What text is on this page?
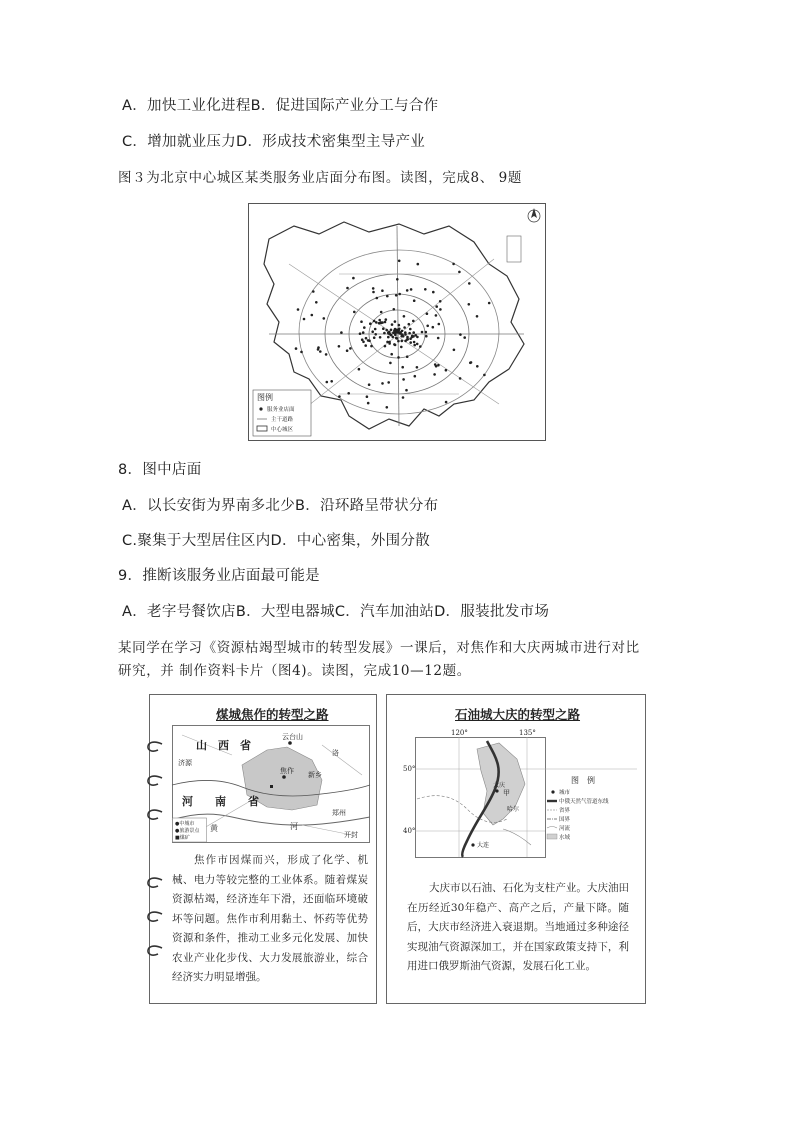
A．加快工业化进程B．促进国际产业分工与合作
C．增加就业压力D．形成技术密集型主导产业
图３为北京中心城区某类服务业店面分布图。读图，完成8、 9题
图例
服务业店面
主干道路
中心城区
8．图中店面
A．以长安街为界南多北少B．沿环路呈带状分布
C.聚集于大型居住区内D．中心密集，外围分散
9．推断该服务业店面最可能是
A．老字号餐饮店B．大型电器城C．汽车加油站D．服装批发市场
某同学在学习《资源枯竭型城市的转型发展》一课后，对焦作和大庆两城市进行对比
研究，并 制作资料卡片（图4)。读图，完成10—12题。
煤城焦作的转型之路
山　西　省
云台山
焦作 新乡
河　　南　　省
黄	河
郑州
开封
济源
洛
●中城市
●旅游景点
■煤矿
焦作市因煤而兴，形成了化学、机械、电力等较完整的工业体系。随着煤炭资源枯竭，经济连年下滑，还面临环境破坏等问题。焦作市利用黏土、怀药等优势资源和条件，推动工业多元化发展、加快农业产业化步伐、大力发展旅游业，综合经济实力明显增强。
石油城大庆的转型之路
120°	135°
50°
40°
大庆
甲
哈尔
大连
图　例
城市
中俄天然气管道东线
省界
国界
河流
水域
大庆市以石油、石化为支柱产业。大庆油田在历经近30年稳产、高产之后，产量下降。随后，大庆市经济进入衰退期。当地通过多种途径实现油气资源深加工，并在国家政策支持下，利用进口俄罗斯油气资源，发展石化工业。
